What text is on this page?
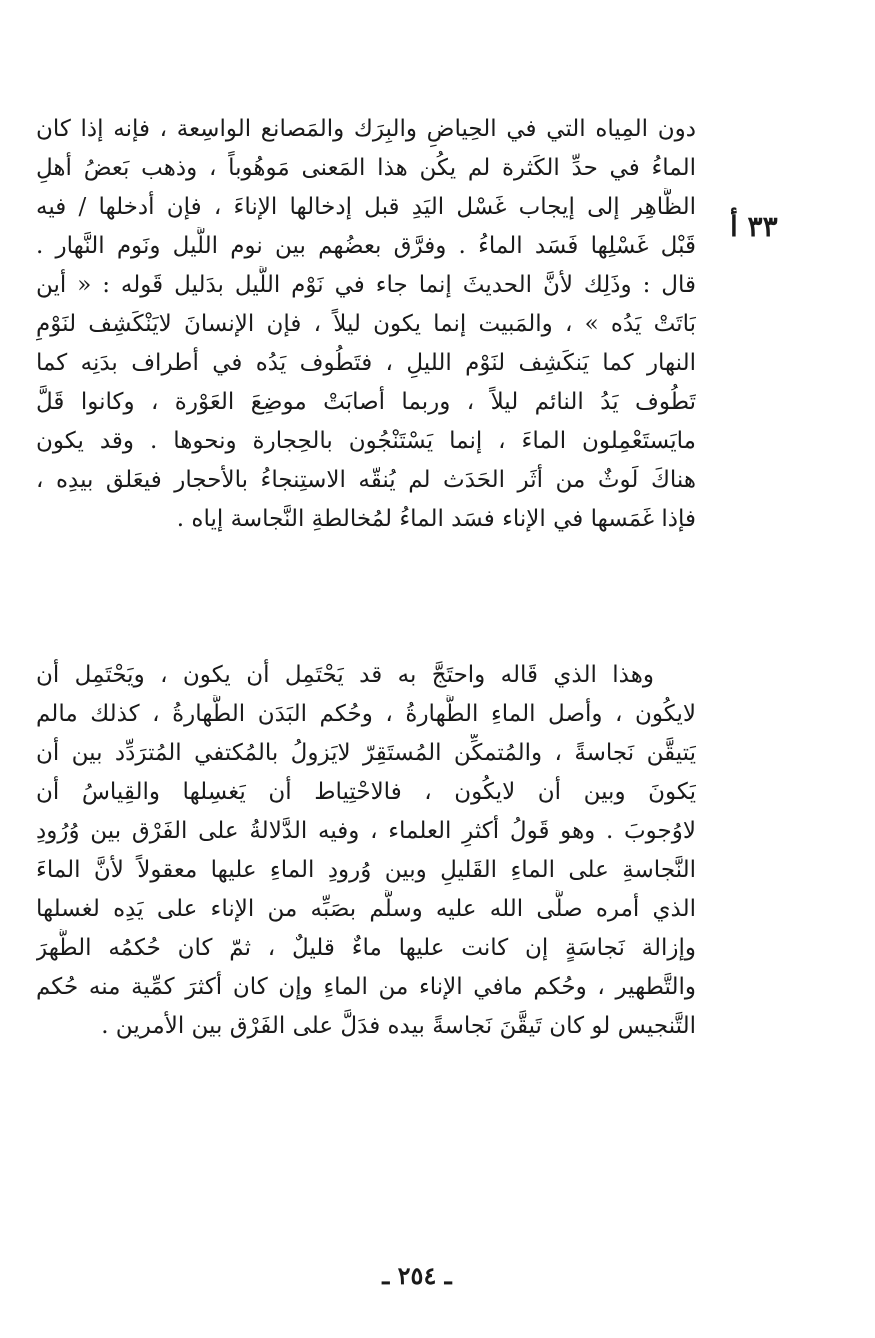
٣٣ أ
دون المِياه التي في الحِياضِ والبِرَك والمَصانع الواسِعة ، فإنه إذا كان
الماءُ في حدِّ الكَثرة لم يكُن هذا المَعنى مَوهُوباً ، وذهب بَعضُ أهلِ
الظَّاهِر إلى إيجاب غَسْل اليَدِ قبل إدخالها الإناءَ ، فإن أدخلها / فيه
قَبْل غَسْلِها فَسَد الماءُ . وفرَّق بعضُهم بين نوم اللَّيل ونَوم النَّهار .
قال : وذَلِك لأنَّ الحديثَ إنما جاء في نَوْم اللَّيل بدَليل قَوله : « أين
بَاتَتْ يَدُه » ، والمَبيت إنما يكون ليلاً ، فإن الإنسانَ لايَنْكَشِف لنَوْمِ
النهار كما يَنكَشِف لنَوْم الليلِ ، فتَطُوف يَدُه في أطراف بدَنِه كما
تَطُوف يَدُ النائم ليلاً ، وربما أصابَتْ موضِعَ العَوْرة ، وكانوا قَلَّ
مايَستَعْمِلون الماءَ ، إنما يَسْتَنْجُون بالحِجارة ونحوها . وقد يكون
هناكَ لَوثٌ من أثَر الحَدَث لم يُنقّه الاستِنجاءُ بالأحجار فيعَلق بيدِه ،
فإذا غَمَسها في الإناء فسَد الماءُ لمُخالطةِ النَّجاسة إياه .
وهذا الذي قَاله واحتَجَّ به قد يَحْتَمِل أن يكون ، ويَحْتَمِل أن
لايكُون ، وأصل الماءِ الطَّهارةُ ، وحُكم البَدَن الطَّهارةُ ، كذلك مالم
يَتيقَّن نَجاسةً ، والمُتمكِّن المُستَقِرّ لايَزولُ بالمُكتفي المُترَدِّد بين أن
يَكونَ وبين أن لايكُون ، فالاحْتِياط أن يَغسِلها والقِياسُ أن
لاوُجوبَ . وهو قَولُ أكثرِ العلماء ، وفيه الدَّلالةُ على الفَرْق بين وُرُودِ
النَّجاسةِ على الماءِ القَليلِ وبين وُرودِ الماءِ عليها معقولاً لأنَّ الماءَ
الذي أمره صلَّى الله عليه وسلَّم بصَبِّه من الإناء على يَدِه لغسلها
وإزالة نَجاسَةٍ إن كانت عليها ماءٌ قليلٌ ، ثمّ كان حُكمُه الطُّهرَ
والتَّطهير ، وحُكم مافي الإناء من الماءِ وإن كان أكثرَ كمِّية منه حُكم
التَّنجيس لو كان تَيقَّنَ نَجاسةً بيده فدَلَّ على الفَرْق بين الأمرين .
ـ ٢٥٤ ـ
